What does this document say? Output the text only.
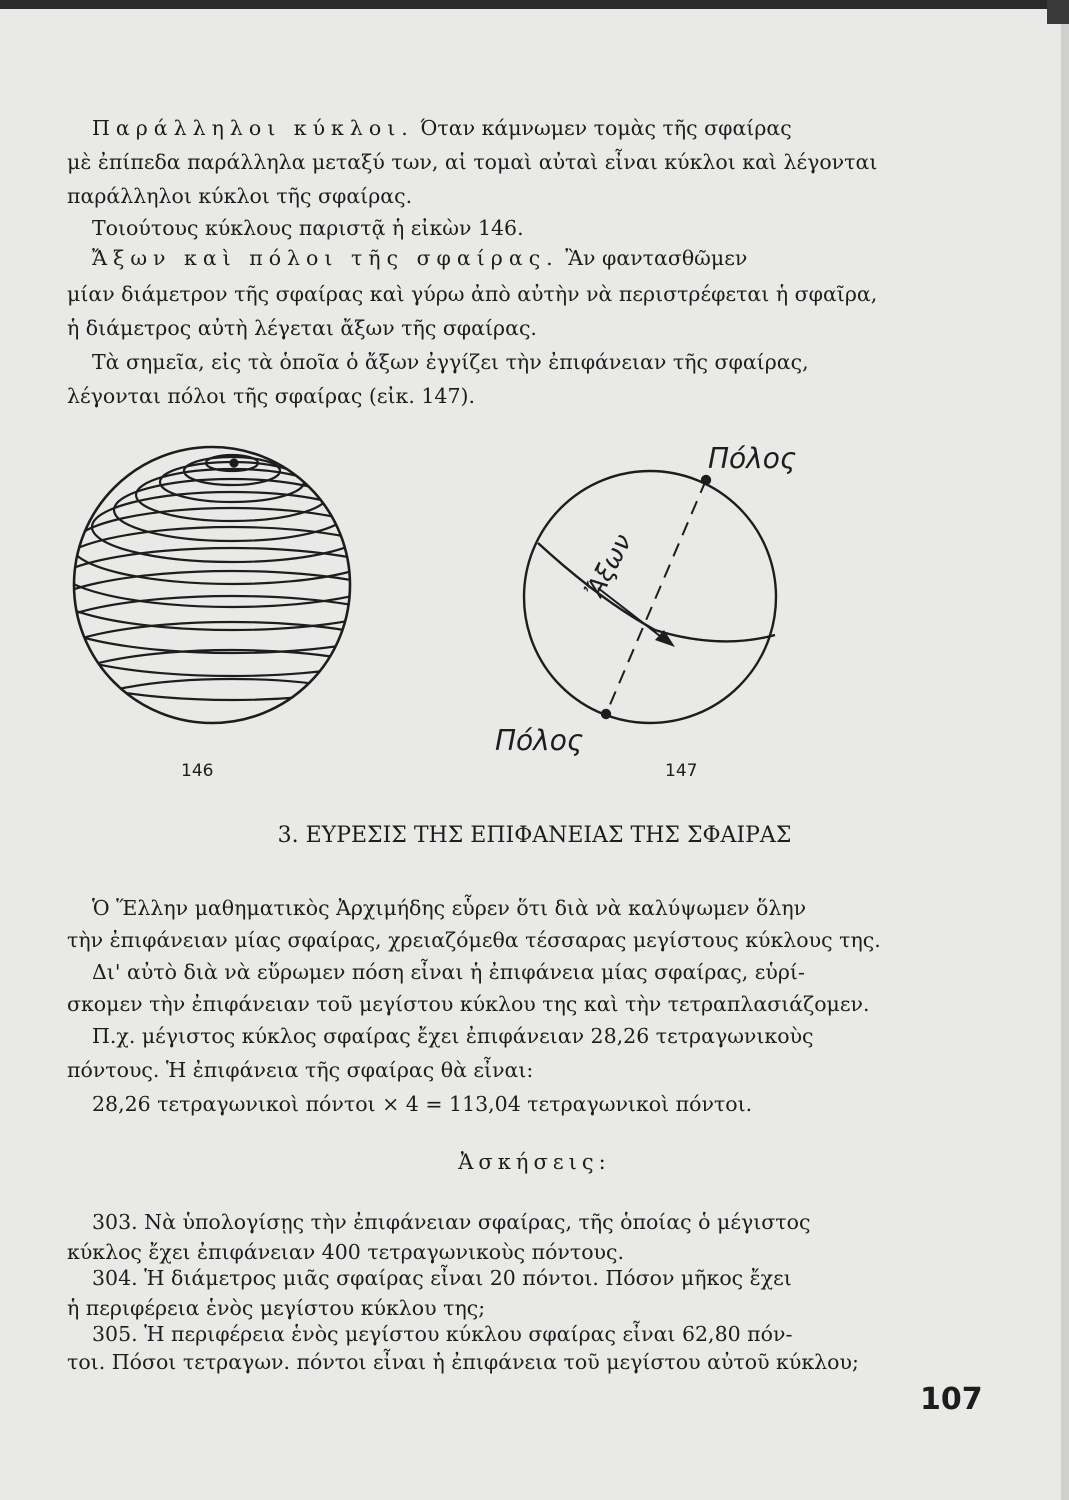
Παράλληλοι κύκλοι. Όταν κάμνωμεν τομὰς τῆς σφαίρας
μὲ ἐπίπεδα παράλληλα μεταξύ των, αἱ τομαὶ αὐταὶ εἶναι κύκλοι καὶ λέγονται
παράλληλοι κύκλοι τῆς σφαίρας.
Τοιούτους κύκλους παριστᾷ ἡ εἰκὼν 146.
Ἄξων καὶ πόλοι τῆς σφαίρας. Ἂν φαντασθῶμεν
μίαν διάμετρον τῆς σφαίρας καὶ γύρω ἀπὸ αὐτὴν νὰ περιστρέφεται ἡ σφαῖρα,
ἡ διάμετρος αὐτὴ λέγεται ἄξων τῆς σφαίρας.
Τὰ σημεῖα, εἰς τὰ ὁποῖα ὁ ἄξων ἐγγίζει τὴν ἐπιφάνειαν τῆς σφαίρας,
λέγονται πόλοι τῆς σφαίρας (εἰκ. 147).
Πόλος
Πόλος
Ἄξων
146	147
3. ΕΥΡΕΣΙΣ ΤΗΣ ΕΠΙΦΑΝΕΙΑΣ ΤΗΣ ΣΦΑΙΡΑΣ
Ὁ Ἕλλην μαθηματικὸς Ἀρχιμήδης εὗρεν ὅτι διὰ νὰ καλύψωμεν ὅλην
τὴν ἐπιφάνειαν μίας σφαίρας, χρειαζόμεθα τέσσαρας μεγίστους κύκλους της.
Δι' αὐτὸ διὰ νὰ εὕρωμεν πόση εἶναι ἡ ἐπιφάνεια μίας σφαίρας, εὑρί-
σκομεν τὴν ἐπιφάνειαν τοῦ μεγίστου κύκλου της καὶ τὴν τετραπλασιάζομεν.
Π.χ. μέγιστος κύκλος σφαίρας ἔχει ἐπιφάνειαν 28,26 τετραγωνικοὺς
πόντους. Ἡ ἐπιφάνεια τῆς σφαίρας θὰ εἶναι:
28,26 τετραγωνικοὶ πόντοι × 4 = 113,04 τετραγωνικοὶ πόντοι.
Ἀσκήσεις:
303. Νὰ ὑπολογίσῃς τὴν ἐπιφάνειαν σφαίρας, τῆς ὁποίας ὁ μέγιστος
κύκλος ἔχει ἐπιφάνειαν 400 τετραγωνικοὺς πόντους.
304. Ἡ διάμετρος μιᾶς σφαίρας εἶναι 20 πόντοι. Πόσον μῆκος ἔχει
ἡ περιφέρεια ἑνὸς μεγίστου κύκλου της;
305. Ἡ περιφέρεια ἑνὸς μεγίστου κύκλου σφαίρας εἶναι 62,80 πόν-
τοι. Πόσοι τετραγων. πόντοι εἶναι ἡ ἐπιφάνεια τοῦ μεγίστου αὐτοῦ κύκλου;
107
